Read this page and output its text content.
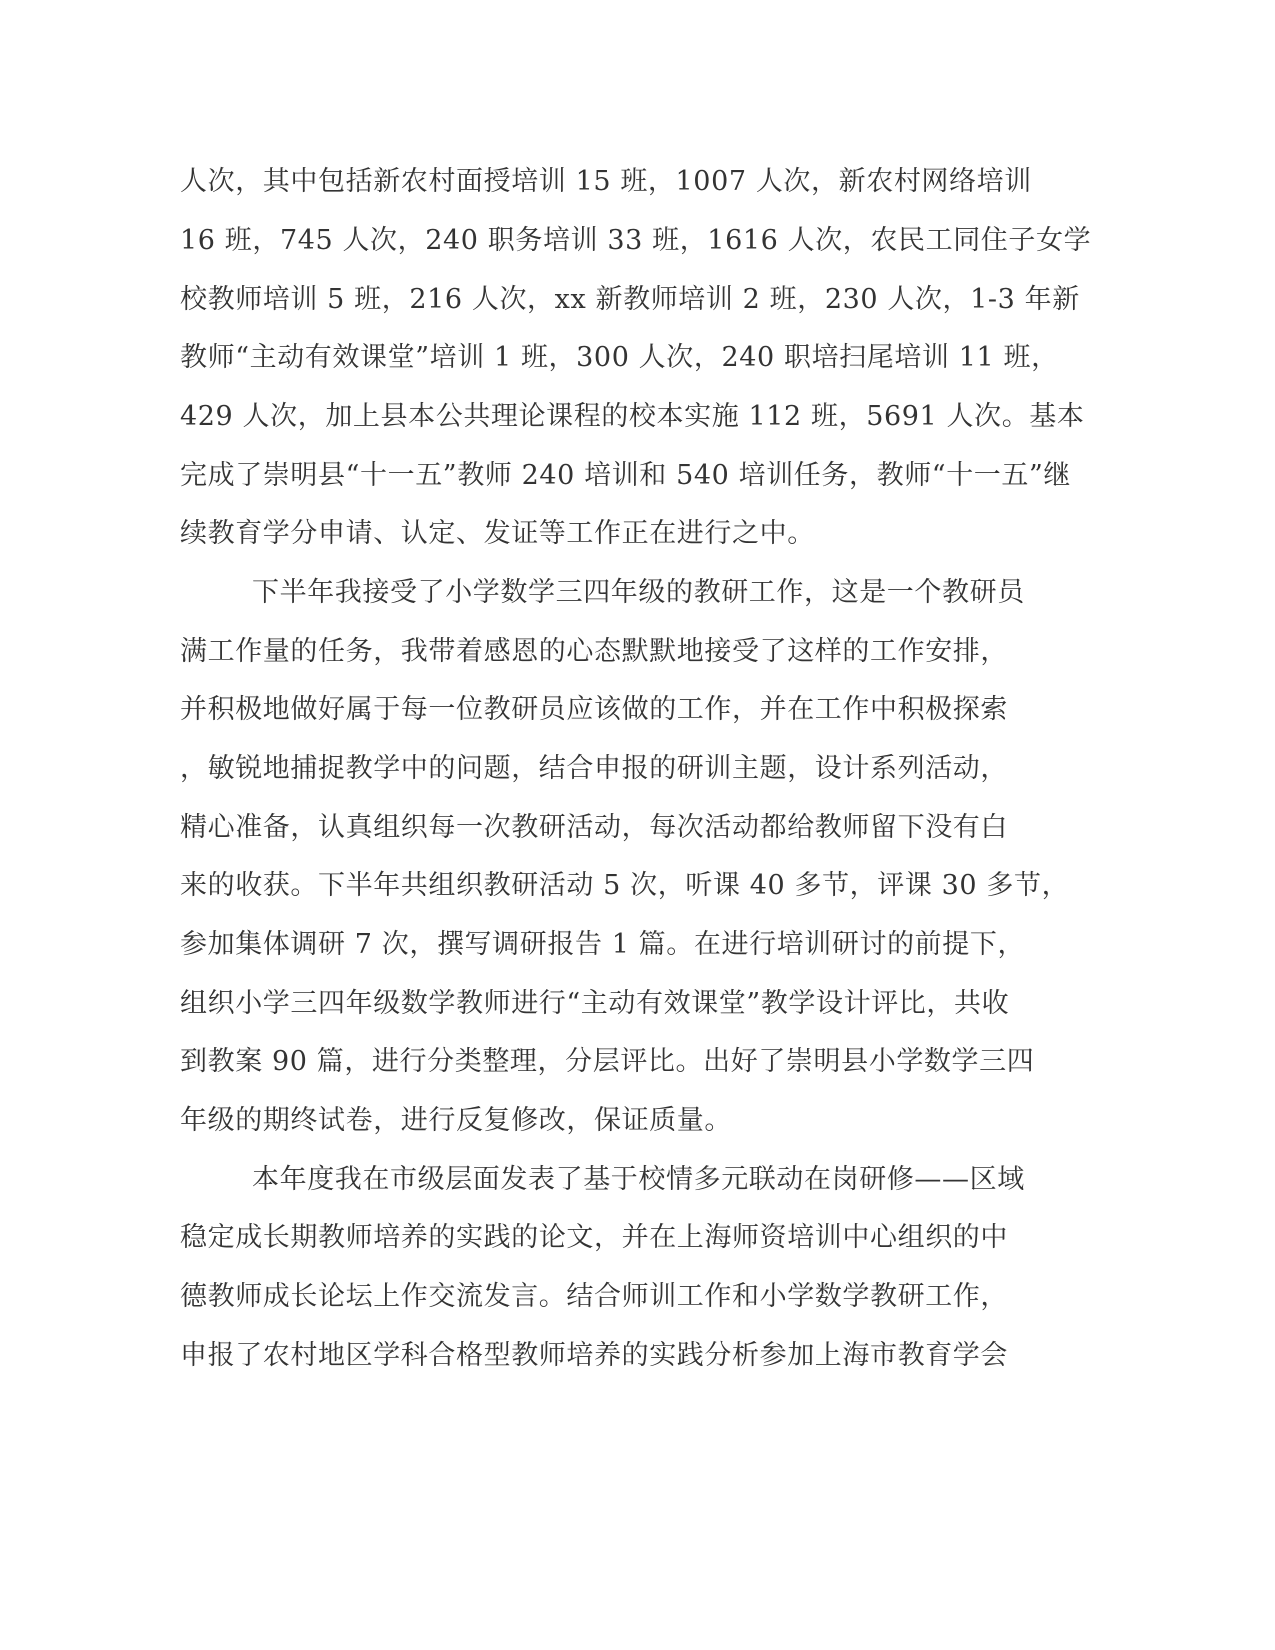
人次，其中包括新农村面授培训 15 班，1007 人次，新农村网络培训
16 班，745 人次，240 职务培训 33 班，1616 人次，农民工同住子女学
校教师培训 5 班，216 人次，xx 新教师培训 2 班，230 人次，1-3 年新
教师“主动有效课堂”培训 1 班，300 人次，240 职培扫尾培训 11 班，
429 人次，加上县本公共理论课程的校本实施 112 班，5691 人次。基本
完成了崇明县“十一五”教师 240 培训和 540 培训任务，教师“十一五”继
续教育学分申请、认定、发证等工作正在进行之中。
下半年我接受了小学数学三四年级的教研工作，这是一个教研员
满工作量的任务，我带着感恩的心态默默地接受了这样的工作安排，
并积极地做好属于每一位教研员应该做的工作，并在工作中积极探索
，敏锐地捕捉教学中的问题，结合申报的研训主题，设计系列活动，
精心准备，认真组织每一次教研活动，每次活动都给教师留下没有白
来的收获。下半年共组织教研活动 5 次，听课 40 多节，评课 30 多节，
参加集体调研 7 次，撰写调研报告 1 篇。在进行培训研讨的前提下，
组织小学三四年级数学教师进行“主动有效课堂”教学设计评比，共收
到教案 90 篇，进行分类整理，分层评比。出好了崇明县小学数学三四
年级的期终试卷，进行反复修改，保证质量。
本年度我在市级层面发表了基于校情多元联动在岗研修——区域
稳定成长期教师培养的实践的论文，并在上海师资培训中心组织的中
德教师成长论坛上作交流发言。结合师训工作和小学数学教研工作，
申报了农村地区学科合格型教师培养的实践分析参加上海市教育学会
